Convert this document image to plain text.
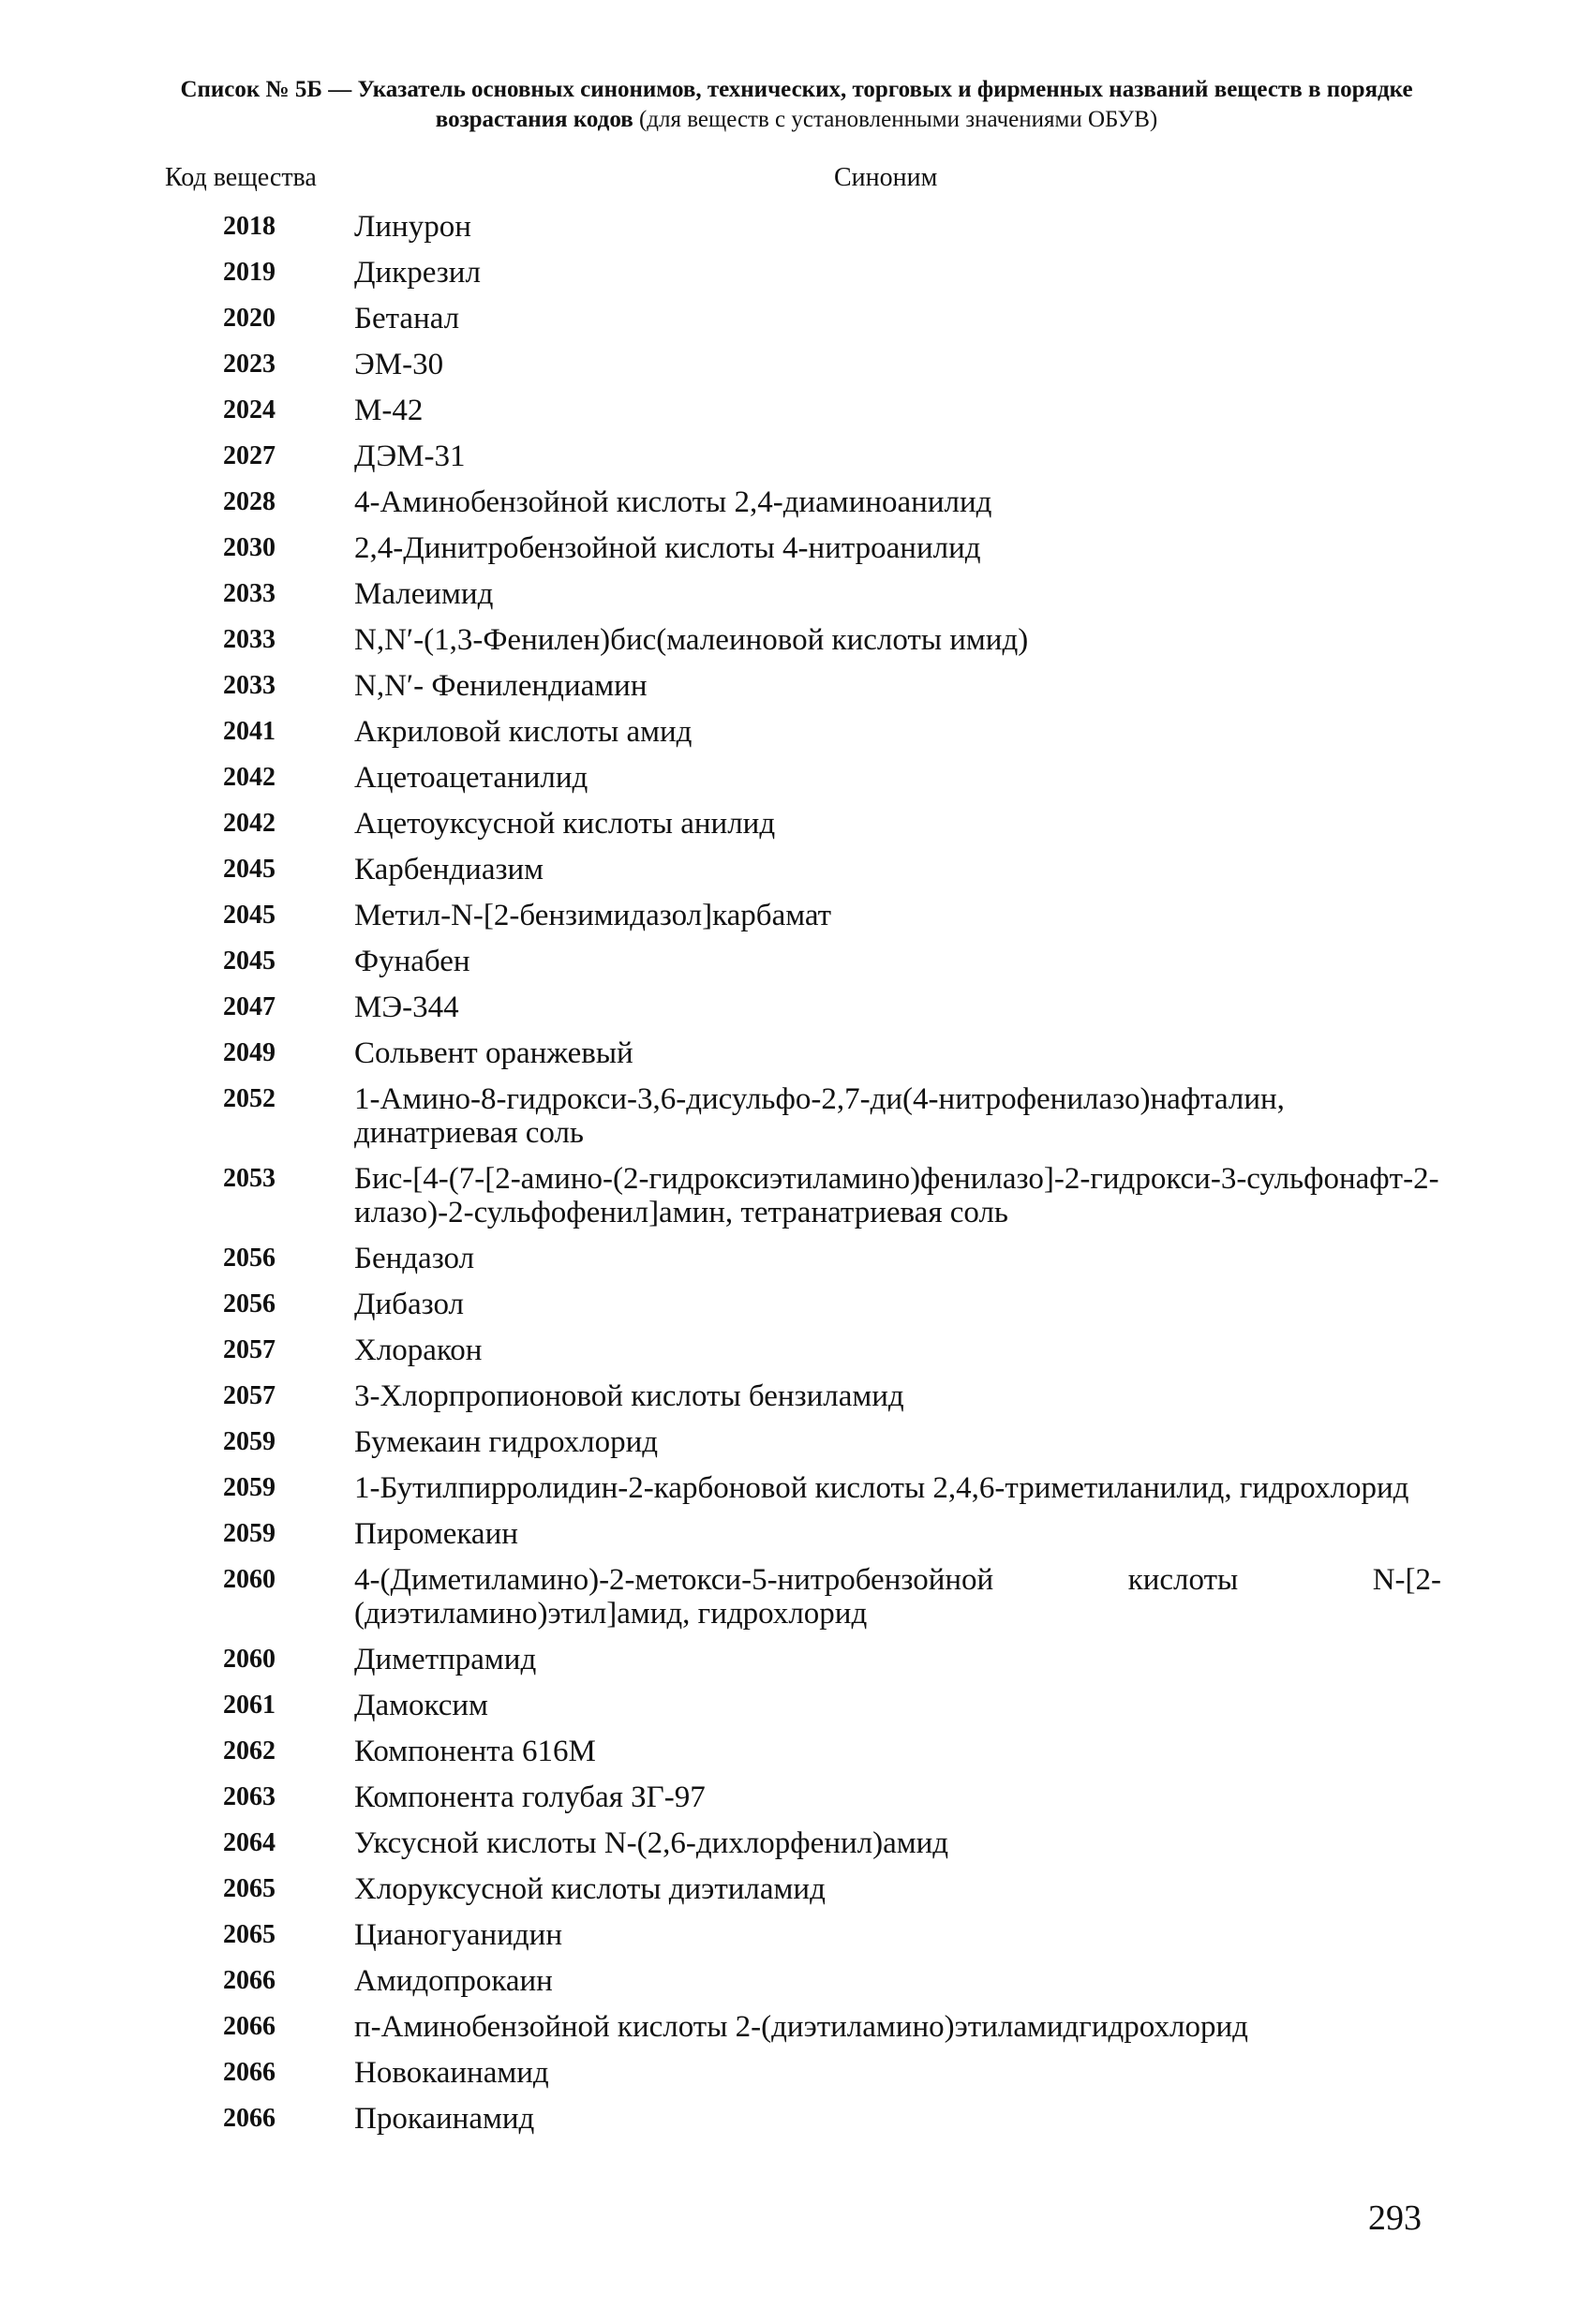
Список № 5Б — Указатель основных синонимов, технических, торговых и фирменных названий веществ в порядке возрастания кодов (для веществ с установленными значениями ОБУВ)
Код вещества	Синоним
2018	Линурон
2019	Дикрезил
2020	Бетанал
2023	ЭМ-30
2024	М-42
2027	ДЭМ-31
2028	4-Аминобензойной кислоты 2,4-диаминоанилид
2030	2,4-Динитробензойной кислоты 4-нитроанилид
2033	Малеимид
2033	N,N′-(1,3-Фенилен)бис(малеиновой кислоты имид)
2033	N,N′- Фенилендиамин
2041	Акриловой кислоты амид
2042	Ацетоацетанилид
2042	Ацетоуксусной кислоты анилид
2045	Карбендиазим
2045	Метил-N-[2-бензимидазол]карбамат
2045	Фунабен
2047	МЭ-344
2049	Сольвент оранжевый
2052	1-Амино-8-гидрокси-3,6-дисульфо-2,7-ди(4-нитрофенилазо)нафталин, динатриевая соль
2053	Бис-[4-(7-[2-амино-(2-гидроксиэтиламино)фенилазо]-2-гидрокси-3-сульфонафт-2-илазо)-2-сульфофенил]амин, тетранатриевая соль
2056	Бендазол
2056	Дибазол
2057	Хлоракон
2057	3-Хлорпропионовой кислоты бензиламид
2059	Бумекаин гидрохлорид
2059	1-Бутилпирролидин-2-карбоновой кислоты 2,4,6-триметиланилид, гидрохлорид
2059	Пиромекаин
2060	4-(Диметиламино)-2-метокси-5-нитробензойной кислоты N-[2-(диэтиламино)этил]амид, гидрохлорид
2060	Диметпрамид
2061	Дамоксим
2062	Компонента 616М
2063	Компонента голубая ЗГ-97
2064	Уксусной кислоты N-(2,6-дихлорфенил)амид
2065	Хлоруксусной кислоты диэтиламид
2065	Цианогуанидин
2066	Амидопрокаин
2066	п-Аминобензойной кислоты 2-(диэтиламино)этиламидгидрохлорид
2066	Новокаинамид
2066	Прокаинамид
293
